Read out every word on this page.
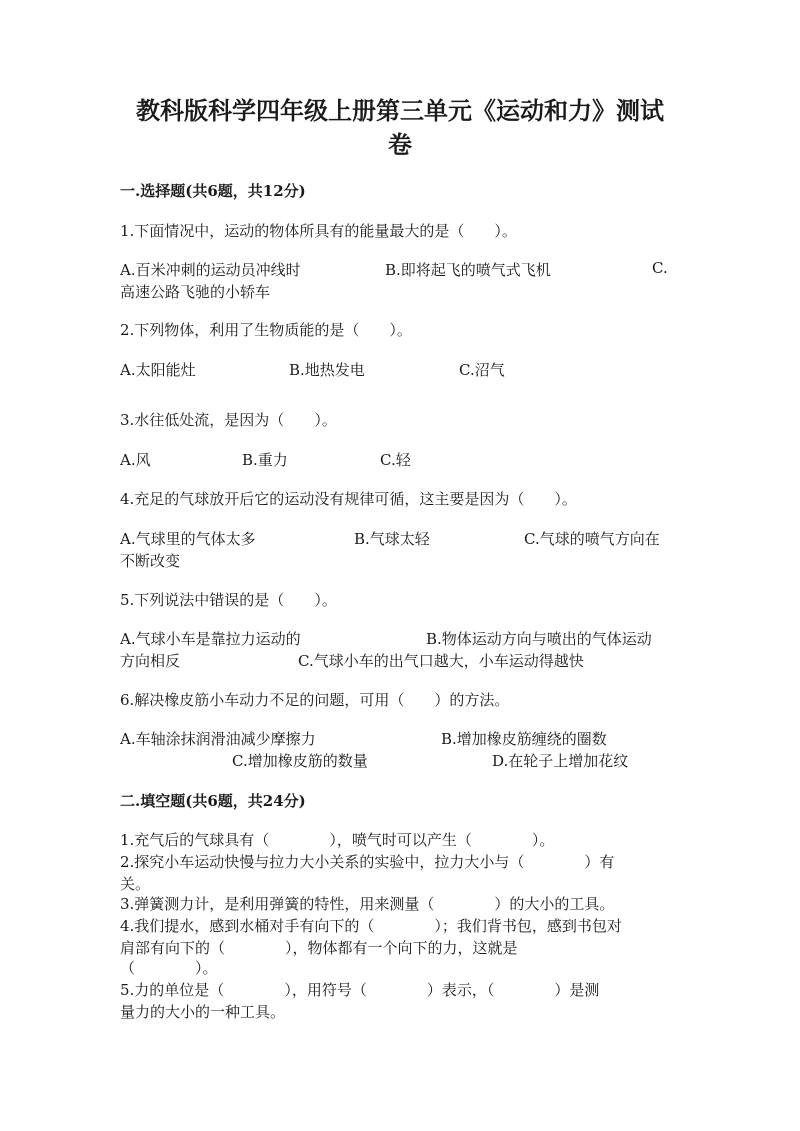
教科版科学四年级上册第三单元《运动和力》测试
卷
一.选择题(共6题，共12分)
1.下面情况中，运动的物体所具有的能量最大的是（　　）。
A.百米冲刺的运动员冲线时	B.即将起飞的喷气式飞机	C.
高速公路飞驰的小轿车
2.下列物体，利用了生物质能的是（　　）。
A.太阳能灶	B.地热发电	C.沼气
3.水往低处流，是因为（　　）。
A.风	B.重力	C.轻
4.充足的气球放开后它的运动没有规律可循，这主要是因为（　　）。
A.气球里的气体太多	B.气球太轻	C.气球的喷气方向在
不断改变
5.下列说法中错误的是（　　）。
A.气球小车是靠拉力运动的	B.物体运动方向与喷出的气体运动
方向相反	C.气球小车的出气口越大，小车运动得越快
6.解决橡皮筋小车动力不足的问题，可用（　　）的方法。
A.车轴涂抹润滑油减少摩擦力	B.增加橡皮筋缠绕的圈数
C.增加橡皮筋的数量	D.在轮子上增加花纹
二.填空题(共6题，共24分)
1.充气后的气球具有（　　　　），喷气时可以产生（　　　　）。
2.探究小车运动快慢与拉力大小关系的实验中，拉力大小与（　　　　）有
关。
3.弹簧测力计，是利用弹簧的特性，用来测量（　　　　）的大小的工具。
4.我们提水，感到水桶对手有向下的（　　　　）；我们背书包，感到书包对
肩部有向下的（　　　　），物体都有一个向下的力，这就是
（　　　　）。
5.力的单位是（　　　　），用符号（　　　　）表示，（　　　　）是测
量力的大小的一种工具。
